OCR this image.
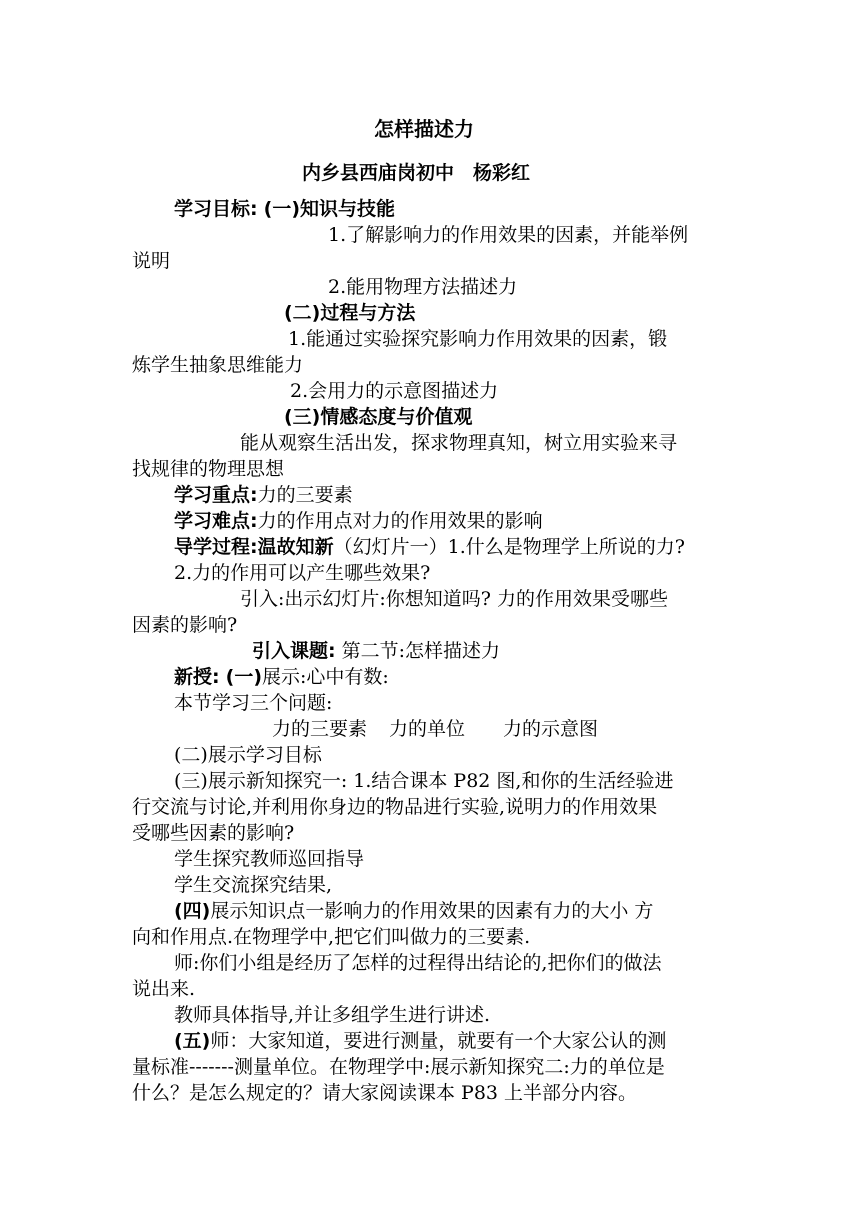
怎样描述力
内乡县西庙岗初中　杨彩红
学习目标: (一)知识与技能
1.了解影响力的作用效果的因素，并能举例
说明
2.能用物理方法描述力
(二)过程与方法
1.能通过实验探究影响力作用效果的因素，锻
炼学生抽象思维能力
2.会用力的示意图描述力
(三)情感态度与价值观
能从观察生活出发，探求物理真知，树立用实验来寻
找规律的物理思想
学习重点:力的三要素
学习难点:力的作用点对力的作用效果的影响
导学过程:温故知新（幻灯片一）1.什么是物理学上所说的力?
2.力的作用可以产生哪些效果?
引入:出示幻灯片:你想知道吗? 力的作用效果受哪些
因素的影响?
引入课题: 第二节:怎样描述力
新授: (一)展示:心中有数:
本节学习三个问题:
力的三要素 力的单位 力的示意图
(二)展示学习目标
(三)展示新知探究一: 1.结合课本 P82 图,和你的生活经验进
行交流与讨论,并利用你身边的物品进行实验,说明力的作用效果
受哪些因素的影响?
学生探究教师巡回指导
学生交流探究结果,
(四)展示知识点一影响力的作用效果的因素有力的大小 方
向和作用点.在物理学中,把它们叫做力的三要素.
师:你们小组是经历了怎样的过程得出结论的,把你们的做法
说出来.
教师具体指导,并让多组学生进行讲述.
(五)师：大家知道，要进行测量，就要有一个大家公认的测
量标准-------测量单位。在物理学中:展示新知探究二:力的单位是
什么？是怎么规定的？请大家阅读课本 P83 上半部分内容。
